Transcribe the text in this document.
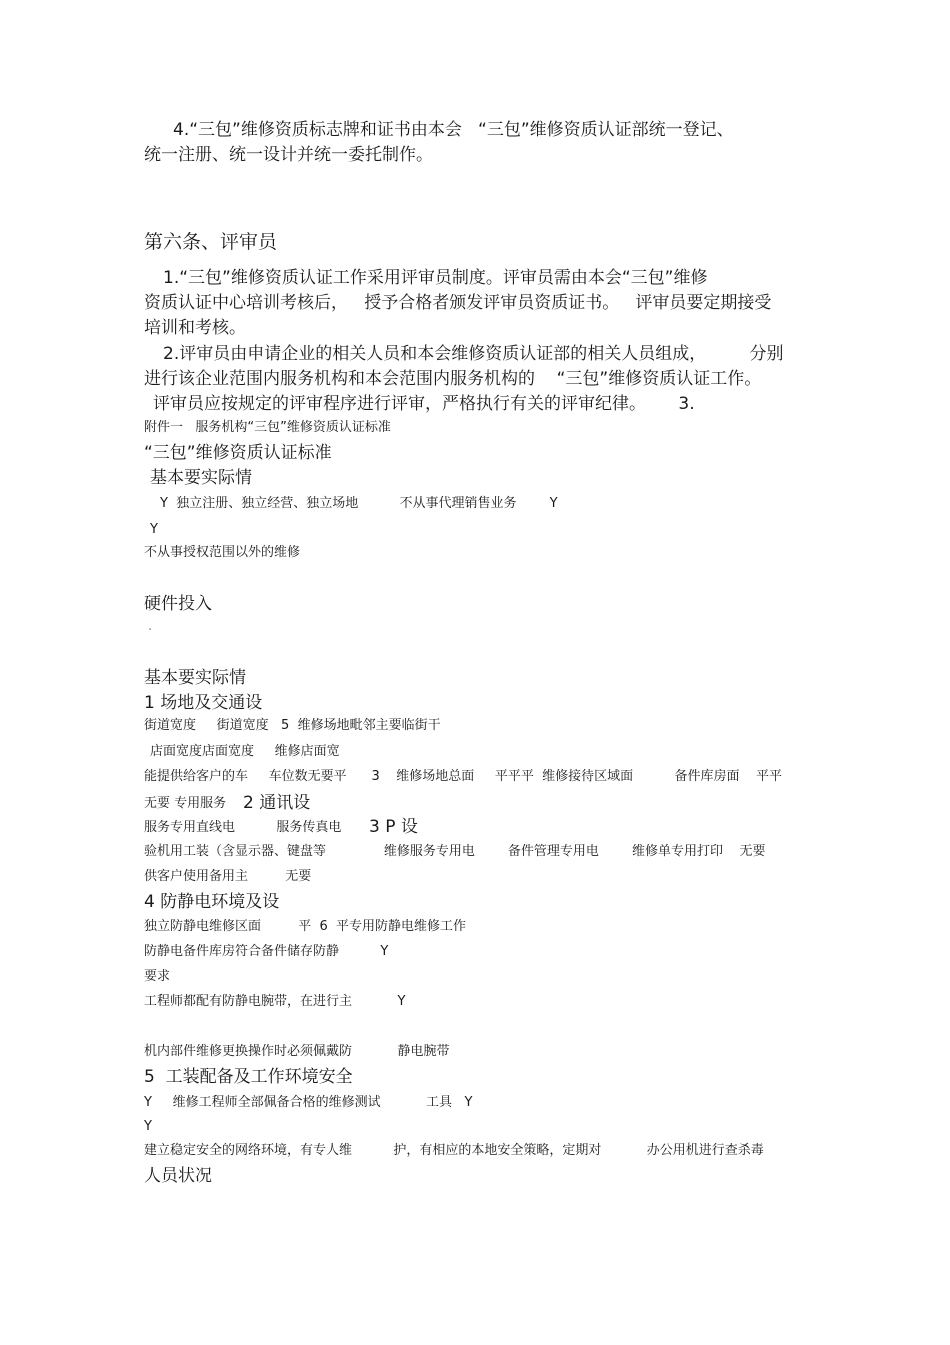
4.“三包”维修资质标志牌和证书由本会   “三包”维修资质认证部统一登记、
统一注册、统一设计并统一委托制作。
第六条、评审员
1.“三包”维修资质认证工作采用评审员制度。评审员需由本会“三包”维修
资质认证中心培训考核后，   授予合格者颁发评审员资质证书。   评审员要定期接受
培训和考核。
2.评审员由申请企业的相关人员和本会维修资质认证部的相关人员组成，        分别
进行该企业范围内服务机构和本会范围内服务机构的    “三包”维修资质认证工作。
评审员应按规定的评审程序进行评审，严格执行有关的评审纪律。      3.
附件一   服务机构“三包”维修资质认证标准
“三包”维修资质认证标准
基本要实际情
Y  独立注册、独立经营、独立场地          不从事代理销售业务        Y
Y
不从事授权范围以外的维修
硬件投入
·
基本要实际情
1 场地及交通设
街道宽度     街道宽度   5  维修场地毗邻主要临街干
店面宽度店面宽度     维修店面宽
能提供给客户的车     车位数无要平      3    维修场地总面     平平平  维修接待区域面          备件库房面    平平
无要 专用服务 2 通讯设
服务专用直线电          服务传真电 3 P 设
验机用工装（含显示器、键盘等              维修服务专用电        备件管理专用电        维修单专用打印    无要
供客户使用备用主         无要
4 防静电环境及设
独立防静电维修区面         平  6  平专用防静电维修工作
防静电备件库房符合备件储存防静          Y
要求
工程师都配有防静电腕带，在进行主           Y
机内部件维修更换操作时必须佩戴防           静电腕带
5  工装配备及工作环境安全
Y     维修工程师全部佩备合格的维修测试           工具   Y
Y
建立稳定安全的网络环境，有专人维          护，有相应的本地安全策略，定期对           办公用机进行查杀毒
人员状况
